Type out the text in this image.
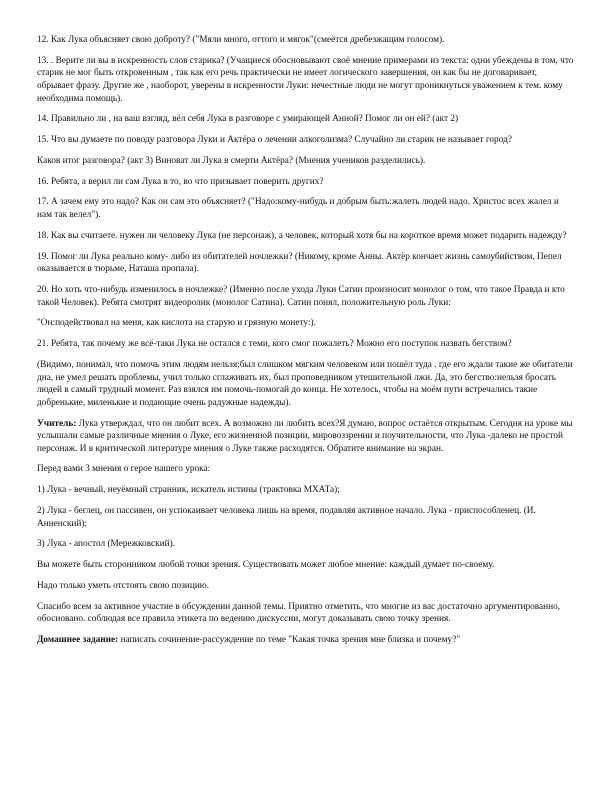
12. Как Лука объясняет свою доброту? ("Мяли много, оттого и мягок"(смеётся дребезжащим голосом).

13. . Верите ли вы в искренность слов старика? (Учащиеся обосновывают своё мнение примерами из текста: одни убеждены в том, что старик не мог быть откровенным , так как его речь практически не имеет логического завершения, он как бы не договаривает, обрывает фразу. Другие же , наоборот, уверены в искренности Луки: нечестные люди не могут проникнуться уважением к тем. кому необходима помощь).

14. Правильно ли , на ваш взгляд, вёл себя Лука в разговоре с умирающей Анной? Помог ли он ей? (акт 2)

15. Что вы думаете по поводу разговора Луки и Актёра о лечении алкоголизма? Случайно ли старик не называет город?

Каков итог разговора? (акт 3) Виноват ли Лука в смерти Актёра? (Мнения учеников разделились).

16. Ребята, а верил ли сам Лука в то, во что призывает поверить других?

17. А зачем ему это надо? Как он сам это объясняет? ("Надо:кому-нибудь и добрым быть:жалеть людей надо. Христос всех жалел и нам так велел").

18. Как вы считаете. нужен ли человеку Лука (не персонаж), а человек, который хотя бы на короткое время может подарить надежду?

19. Помог ли Лука реально кому- либо из обитателей ночлежки? (Никому, кроме Анны. Актёр кончает жизнь самоубийством, Пепел оказывается в тюрьме, Наташа пропала).

20. Но хоть что-нибудь изменилось в ночлежке? (Именно после ухода Луки Сатин произносит монолог о том, что такое Правда и кто такой Человек). Ребята смотрят видеоролик (монолог Сатина). Сатин понял, положительную роль Луки:

"Он:подействовал на меня, как кислота на старую и грязную монету:).

21. Ребята, так почему же всё-таки Лука не остался с теми, кого смог пожалеть? Можно его поступок назвать бегством?

(Видимо, понимал, что помочь этим людям нельзя;был слишком мягким человеком или пошёл туда . где его ждали такие же обитатели дна, не умел решать проблемы, учил только сглаживать их, был проповедником утешительной лжи. Да, это бегство:нельзя бросать людей в самый трудный момент. Раз взялся им помочь-помогай до конца. Не хотелось, чтобы на моём пути встречались такие добренькие, миленькие и подающие очень радужные надежды).

Учитель: Лука утверждал, что он любит всех. А возможно ли любить всех?Я думаю, вопрос остаётся открытым. Сегодня на уроке мы услышали самые различные мнения о Луке, его жизненной позиции, мировоззрении и поучительности, что Лука -далеко не простой персонаж. И в критической литературе мнения о Луке также расходятся. Обратите внимание на экран.

Перед вами 3 мнения о герое нашего урока:

1) Лука - вечный, неуёмный странник, искатель истины (трактовка МХАТа);

2) Лука - беглец, он пассивен, он успокаивает человека лишь на время, подавляя активное начало. Лука - приспособленец. (И. Анненский);

3) Лука - апостол (Мережковский).

Вы можете быть сторонником любой точки зрения. Существовать может любое мнение: каждый думает по-своему.

Надо только уметь отстоять свою позицию.

Спасибо всем за активное участие в обсуждении данной темы. Приятно отметить, что многие из вас достаточно аргументированно, обосновано. соблюдая все правила этикета по ведению дискуссии, могут доказывать свою точку зрения.

Домашнее задание: написать сочинение-рассуждение по теме "Какая точка зрения мне близка и почему?"
